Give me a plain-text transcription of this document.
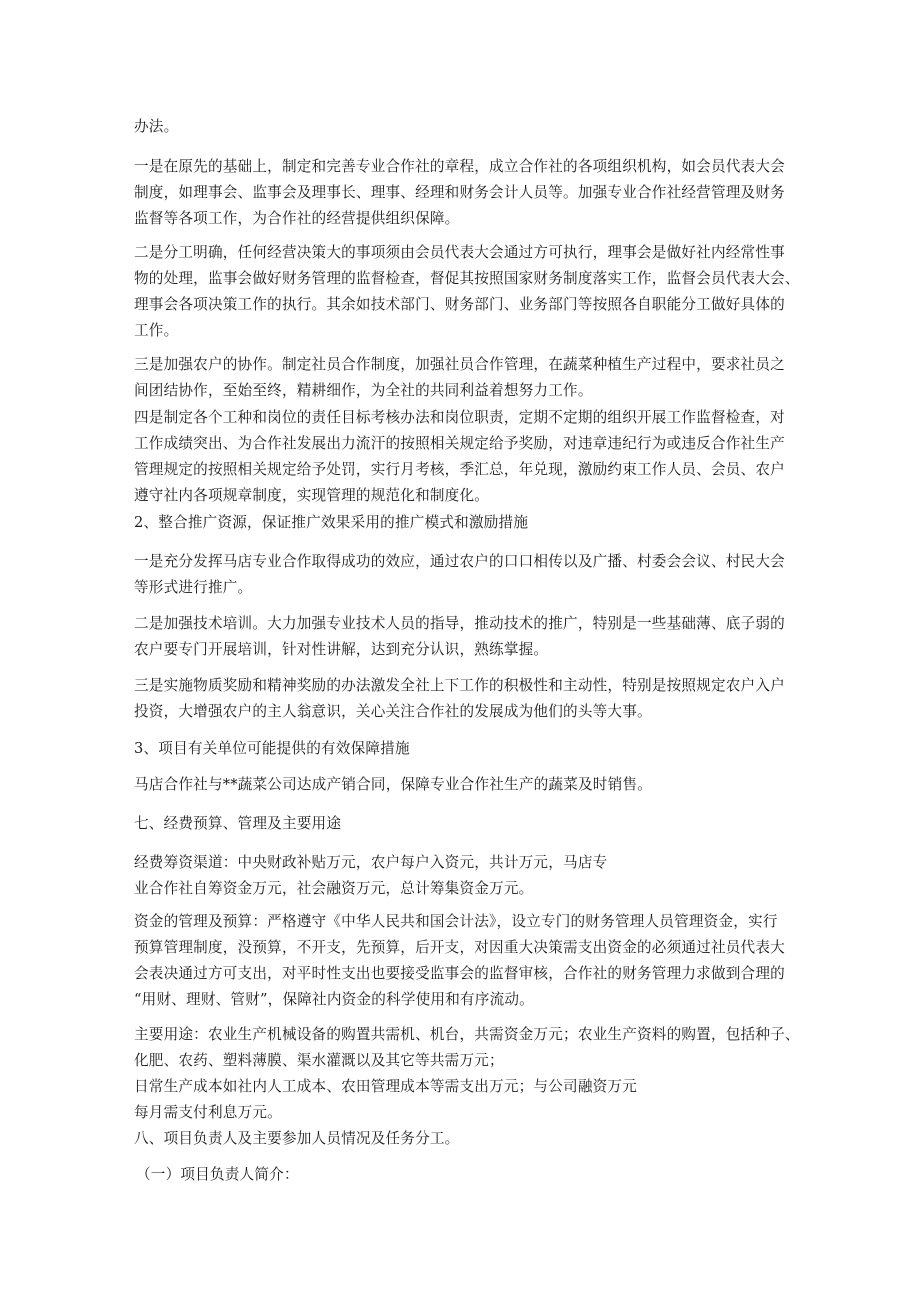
办法。
一是在原先的基础上，制定和完善专业合作社的章程，成立合作社的各项组织机构，如会员代表大会
制度，如理事会、监事会及理事长、理事、经理和财务会计人员等。加强专业合作社经营管理及财务
监督等各项工作，为合作社的经营提供组织保障。
二是分工明确，任何经营决策大的事项须由会员代表大会通过方可执行，理事会是做好社内经常性事
物的处理，监事会做好财务管理的监督检查，督促其按照国家财务制度落实工作，监督会员代表大会、
理事会各项决策工作的执行。其余如技术部门、财务部门、业务部门等按照各自职能分工做好具体的
工作。
三是加强农户的协作。制定社员合作制度，加强社员合作管理，在蔬菜种植生产过程中，要求社员之
间团结协作，至始至终，精耕细作，为全社的共同利益着想努力工作。
四是制定各个工种和岗位的责任目标考核办法和岗位职责，定期不定期的组织开展工作监督检查，对
工作成绩突出、为合作社发展出力流汗的按照相关规定给予奖励，对违章违纪行为或违反合作社生产
管理规定的按照相关规定给予处罚，实行月考核，季汇总，年兑现，激励约束工作人员、会员、农户
遵守社内各项规章制度，实现管理的规范化和制度化。
2、整合推广资源，保证推广效果采用的推广模式和激励措施
一是充分发挥马店专业合作取得成功的效应，通过农户的口口相传以及广播、村委会会议、村民大会
等形式进行推广。
二是加强技术培训。大力加强专业技术人员的指导，推动技术的推广，特别是一些基础薄、底子弱的
农户要专门开展培训，针对性讲解，达到充分认识，熟练掌握。
三是实施物质奖励和精神奖励的办法激发全社上下工作的积极性和主动性，特别是按照规定农户入户
投资，大增强农户的主人翁意识，关心关注合作社的发展成为他们的头等大事。
3、项目有关单位可能提供的有效保障措施
马店合作社与**蔬菜公司达成产销合同，保障专业合作社生产的蔬菜及时销售。
七、经费预算、管理及主要用途
经费筹资渠道：中央财政补贴万元，农户每户入资元，共计万元，马店专
业合作社自筹资金万元，社会融资万元，总计筹集资金万元。
资金的管理及预算：严格遵守《中华人民共和国会计法》，设立专门的财务管理人员管理资金，实行
预算管理制度，没预算，不开支，先预算，后开支，对因重大决策需支出资金的必须通过社员代表大
会表决通过方可支出，对平时性支出也要接受监事会的监督审核，合作社的财务管理力求做到合理的
“用财、理财、管财”，保障社内资金的科学使用和有序流动。
主要用途：农业生产机械设备的购置共需机、机台，共需资金万元；农业生产资料的购置，包括种子、
化肥、农药、塑料薄膜、渠水灌溉以及其它等共需万元；
日常生产成本如社内人工成本、农田管理成本等需支出万元；与公司融资万元
每月需支付利息万元。
八、项目负责人及主要参加人员情况及任务分工。
（一）项目负责人简介：
